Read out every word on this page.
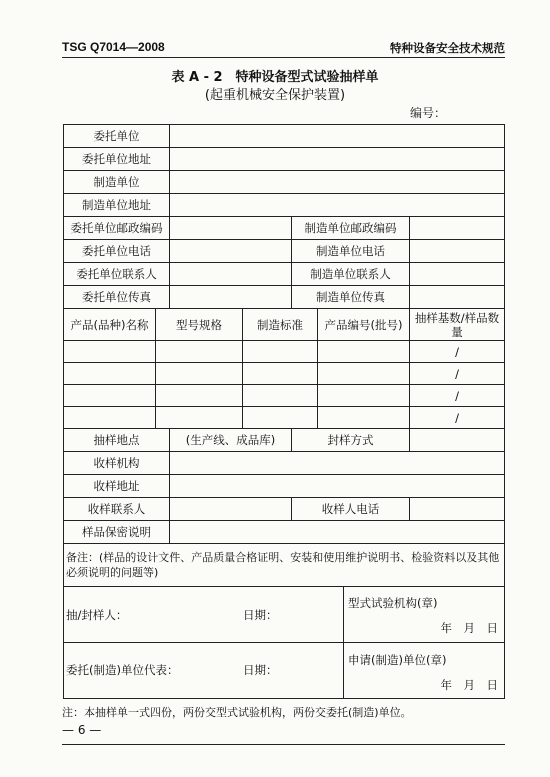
TSG Q7014—2008	特种设备安全技术规范
表 A - 2　特种设备型式试验抽样单
(起重机械安全保护装置)
编号：
委托单位							
委托单位地址							
制造单位							
制造单位地址							
委托单位邮政编码				制造单位邮政编码			
委托单位电话				制造单位电话			
委托单位联系人				制造单位联系人			
委托单位传真				制造单位传真			
产品(品种)名称	型号规格		制造标准		产品编号(批号)		抽样基数/样品数量
							/
							/
							/
							/
抽样地点		(生产线、成品库)		封样方式			
收样机构							
收样地址							
收样联系人				收样人电话			
样品保密说明							
备注：(样品的设计文件、产品质量合格证明、安装和使用维护说明书、检验资料以及其他必须说明的问题等)							

抽/封样人： 日期：						型式试验机构(章)
年　月　日	

委托(制造)单位代表： 日期：						申请(制造)单位(章)
年　月　日	
注：本抽样单一式四份，两份交型式试验机构，两份交委托(制造)单位。
— 6 —
